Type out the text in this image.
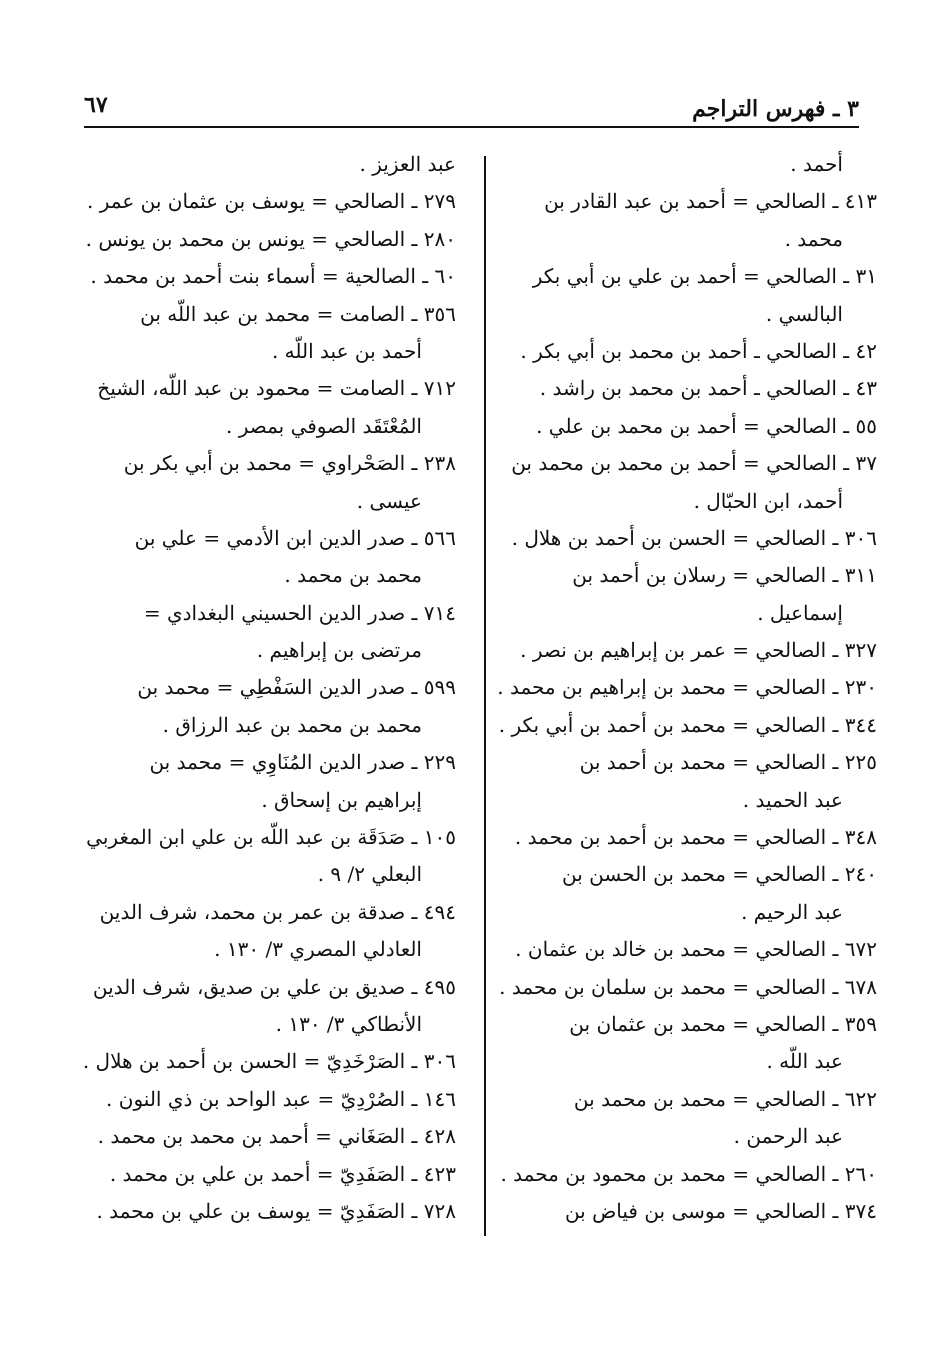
٣ ـ فهرس التراجم
٦٧
أحمد .
٤١٣ ـ الصالحي = أحمد بن عبد القادر بن
محمد .
٣١ ـ الصالحي = أحمد بن علي بن أبي بكر
البالسي .
٤٢ ـ الصالحي ـ أحمد بن محمد بن أبي بكر .
٤٣ ـ الصالحي ـ أحمد بن محمد بن راشد .
٥٥ ـ الصالحي = أحمد بن محمد بن علي .
٣٧ ـ الصالحي = أحمد بن محمد بن محمد بن
أحمد، ابن الحبّال .
٣٠٦ ـ الصالحي = الحسن بن أحمد بن هلال .
٣١١ ـ الصالحي = رسلان بن أحمد بن
إسماعيل .
٣٢٧ ـ الصالحي = عمر بن إبراهيم بن نصر .
٢٣٠ ـ الصالحي = محمد بن إبراهيم بن محمد .
٣٤٤ ـ الصالحي = محمد بن أحمد بن أبي بكر .
٢٢٥ ـ الصالحي = محمد بن أحمد بن
عبد الحميد .
٣٤٨ ـ الصالحي = محمد بن أحمد بن محمد .
٢٤٠ ـ الصالحي = محمد بن الحسن بن
عبد الرحيم .
٦٧٢ ـ الصالحي = محمد بن خالد بن عثمان .
٦٧٨ ـ الصالحي = محمد بن سلمان بن محمد .
٣٥٩ ـ الصالحي = محمد بن عثمان بن
عبد اللّه .
٦٢٢ ـ الصالحي = محمد بن محمد بن
عبد الرحمن .
٢٦٠ ـ الصالحي = محمد بن محمود بن محمد .
٣٧٤ ـ الصالحي = موسى بن فياض بن
عبد العزيز .
٢٧٩ ـ الصالحي = يوسف بن عثمان بن عمر .
٢٨٠ ـ الصالحي = يونس بن محمد بن يونس .
٦٠ ـ الصالحية = أسماء بنت أحمد بن محمد .
٣٥٦ ـ الصامت = محمد بن عبد اللّه بن
أحمد بن عبد اللّه .
٧١٢ ـ الصامت = محمود بن عبد اللّه، الشيخ
المُعْتَقَد الصوفي بمصر .
٢٣٨ ـ الصَحْراوي = محمد بن أبي بكر بن
عيسى .
٥٦٦ ـ صدر الدين ابن الأدمي = علي بن
محمد بن محمد .
٧١٤ ـ صدر الدين الحسيني البغدادي =
مرتضى بن إبراهيم .
٥٩٩ ـ صدر الدين السَفْطِي = محمد بن
محمد بن محمد بن عبد الرزاق .
٢٢٩ ـ صدر الدين المُنَاوِي = محمد بن
إبراهيم بن إسحاق .
١٠٥ ـ صَدَقَة بن عبد اللّه بن علي ابن المغربي
البعلي ٢/ ٩ .
٤٩٤ ـ صدقة بن عمر بن محمد، شرف الدين
العادلي المصري ٣/ ١٣٠ .
٤٩٥ ـ صديق بن علي بن صديق، شرف الدين
الأنطاكي ٣/ ١٣٠ .
٣٠٦ ـ الصَرْخَدِيّ = الحسن بن أحمد بن هلال .
١٤٦ ـ الصُرْدِيّ = عبد الواحد بن ذي النون .
٤٢٨ ـ الصَغَاني = أحمد بن محمد بن محمد .
٤٢٣ ـ الصَفَدِيّ = أحمد بن علي بن محمد .
٧٢٨ ـ الصَفَدِيّ = يوسف بن علي بن محمد .
